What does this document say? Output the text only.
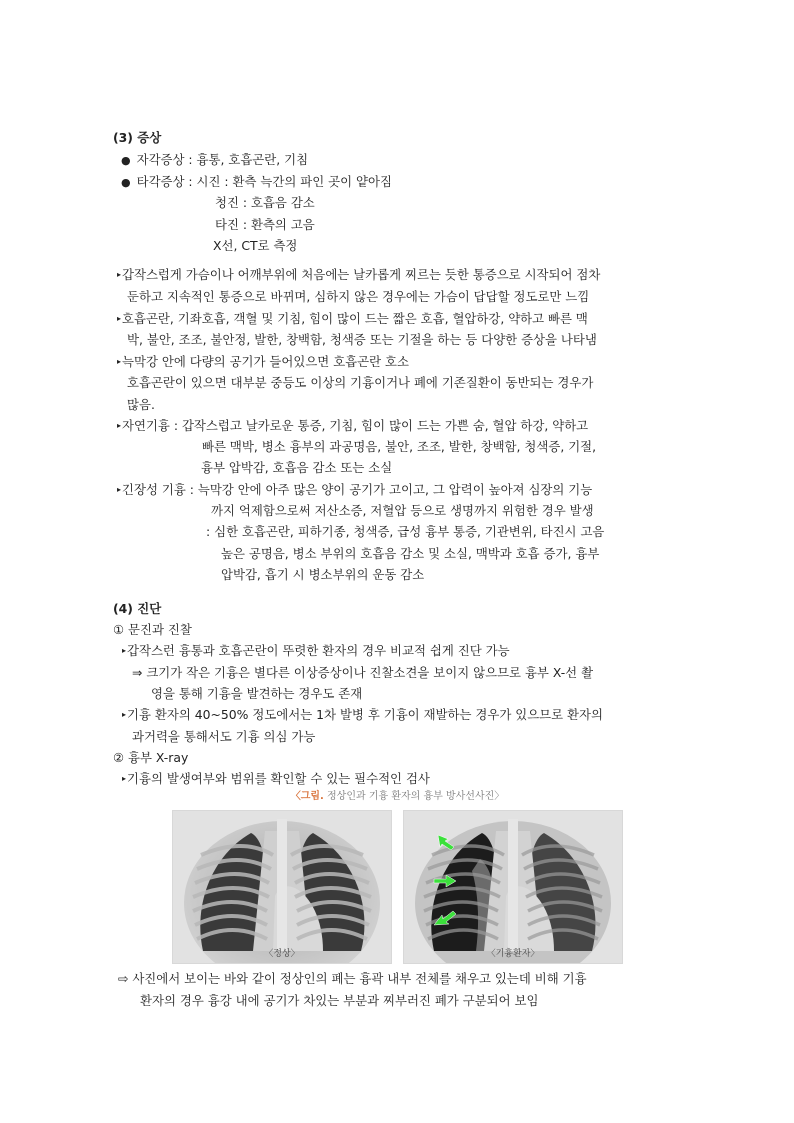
(3) 증상
● 자각증상 : 흉통, 호흡곤란, 기침
● 타각증상 : 시진 : 환측 늑간의 파인 곳이 얕아짐
청진 : 호흡음 감소
타진 : 환측의 고음
X선, CT로 측정
▸갑작스럽게 가슴이나 어깨부위에 처음에는 날카롭게 찌르는 듯한 통증으로 시작되어 점차
둔하고 지속적인 통증으로 바뀌며, 심하지 않은 경우에는 가슴이 답답할 정도로만 느낌
▸호흡곤란, 기좌호흡, 객혈 및 기침, 힘이 많이 드는 짧은 호흡, 혈압하강, 약하고 빠른 맥
박, 불안, 조조, 불안정, 발한, 창백함, 청색증 또는 기절을 하는 등 다양한 증상을 나타냄
▸늑막강 안에 다량의 공기가 들어있으면 호흡곤란 호소
호흡곤란이 있으면 대부분 중등도 이상의 기흉이거나 폐에 기존질환이 동반되는 경우가
많음.
▸자연기흉 : 갑작스럽고 날카로운 통증, 기침, 힘이 많이 드는 가쁜 숨, 혈압 하강, 약하고
빠른 맥박, 병소 흉부의 과공명음, 불안, 조조, 발한, 창백함, 청색증, 기절,
흉부 압박감, 호흡음 감소 또는 소실
▸긴장성 기흉 : 늑막강 안에 아주 많은 양이 공기가 고이고, 그 압력이 높아져 심장의 기능
까지 억제함으로써 저산소증, 저혈압 등으로 생명까지 위험한 경우 발생
: 심한 호흡곤란, 피하기종, 청색증, 급성 흉부 통증, 기관변위, 타진시 고음
높은 공명음, 병소 부위의 호흡음 감소 및 소실, 맥박과 호흡 증가, 흉부
압박감, 흡기 시 병소부위의 운동 감소
(4) 진단
① 문진과 진찰
▸갑작스런 흉통과 호흡곤란이 뚜렷한 환자의 경우 비교적 쉽게 진단 가능
⇒ 크기가 작은 기흉은 별다른 이상증상이나 진찰소견을 보이지 않으므로 흉부 X-선 촬
영을 통해 기흉을 발견하는 경우도 존재
▸기흉 환자의 40~50% 정도에서는 1차 발병 후 기흉이 재발하는 경우가 있으므로 환자의
과거력을 통해서도 기흉 의심 가능
② 흉부 X-ray
▸기흉의 발생여부와 범위를 확인할 수 있는 필수적인 검사
〈그림. 정상인과 기흉 환자의 흉부 방사선사진〉
〈정상〉	〈기흉환자〉
⇨ 사진에서 보이는 바와 같이 정상인의 폐는 흉곽 내부 전체를 채우고 있는데 비해 기흉
환자의 경우 흉강 내에 공기가 차있는 부분과 찌부러진 폐가 구분되어 보임
